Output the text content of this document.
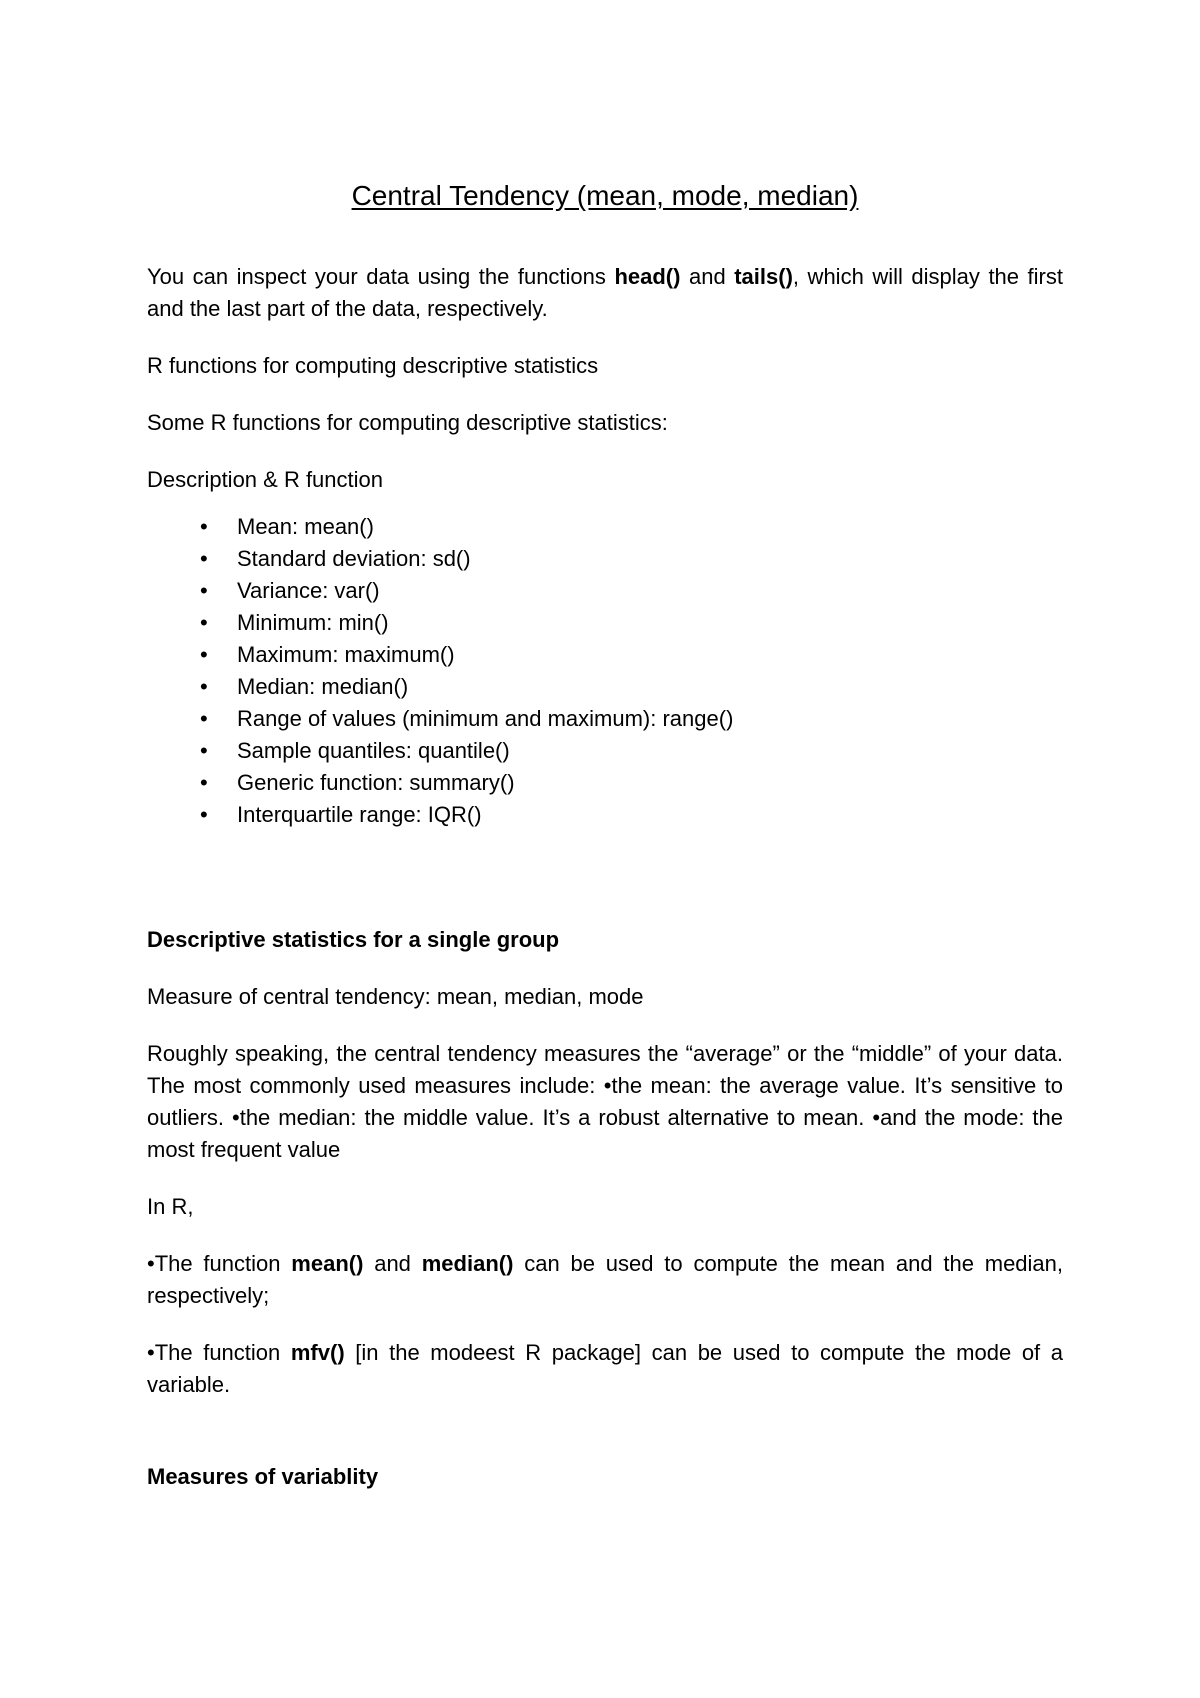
Central Tendency (mean, mode, median)

You can inspect your data using the functions head() and tails(), which will display the first and the last part of the data, respectively.

R functions for computing descriptive statistics

Some R functions for computing descriptive statistics:

Description & R function

• Mean: mean()
• Standard deviation: sd()
• Variance: var()
• Minimum: min()
• Maximum: maximum()
• Median: median()
• Range of values (minimum and maximum): range()
• Sample quantiles: quantile()
• Generic function: summary()
• Interquartile range: IQR()
Descriptive statistics for a single group

Measure of central tendency: mean, median, mode

Roughly speaking, the central tendency measures the “average” or the “middle” of your data. The most commonly used measures include: •the mean: the average value. It’s sensitive to outliers. •the median: the middle value. It’s a robust alternative to mean. •and the mode: the most frequent value

In R,

•The function mean() and median() can be used to compute the mean and the median, respectively;

•The function mfv() [in the modeest R package] can be used to compute the mode of a variable.

Measures of variablity
